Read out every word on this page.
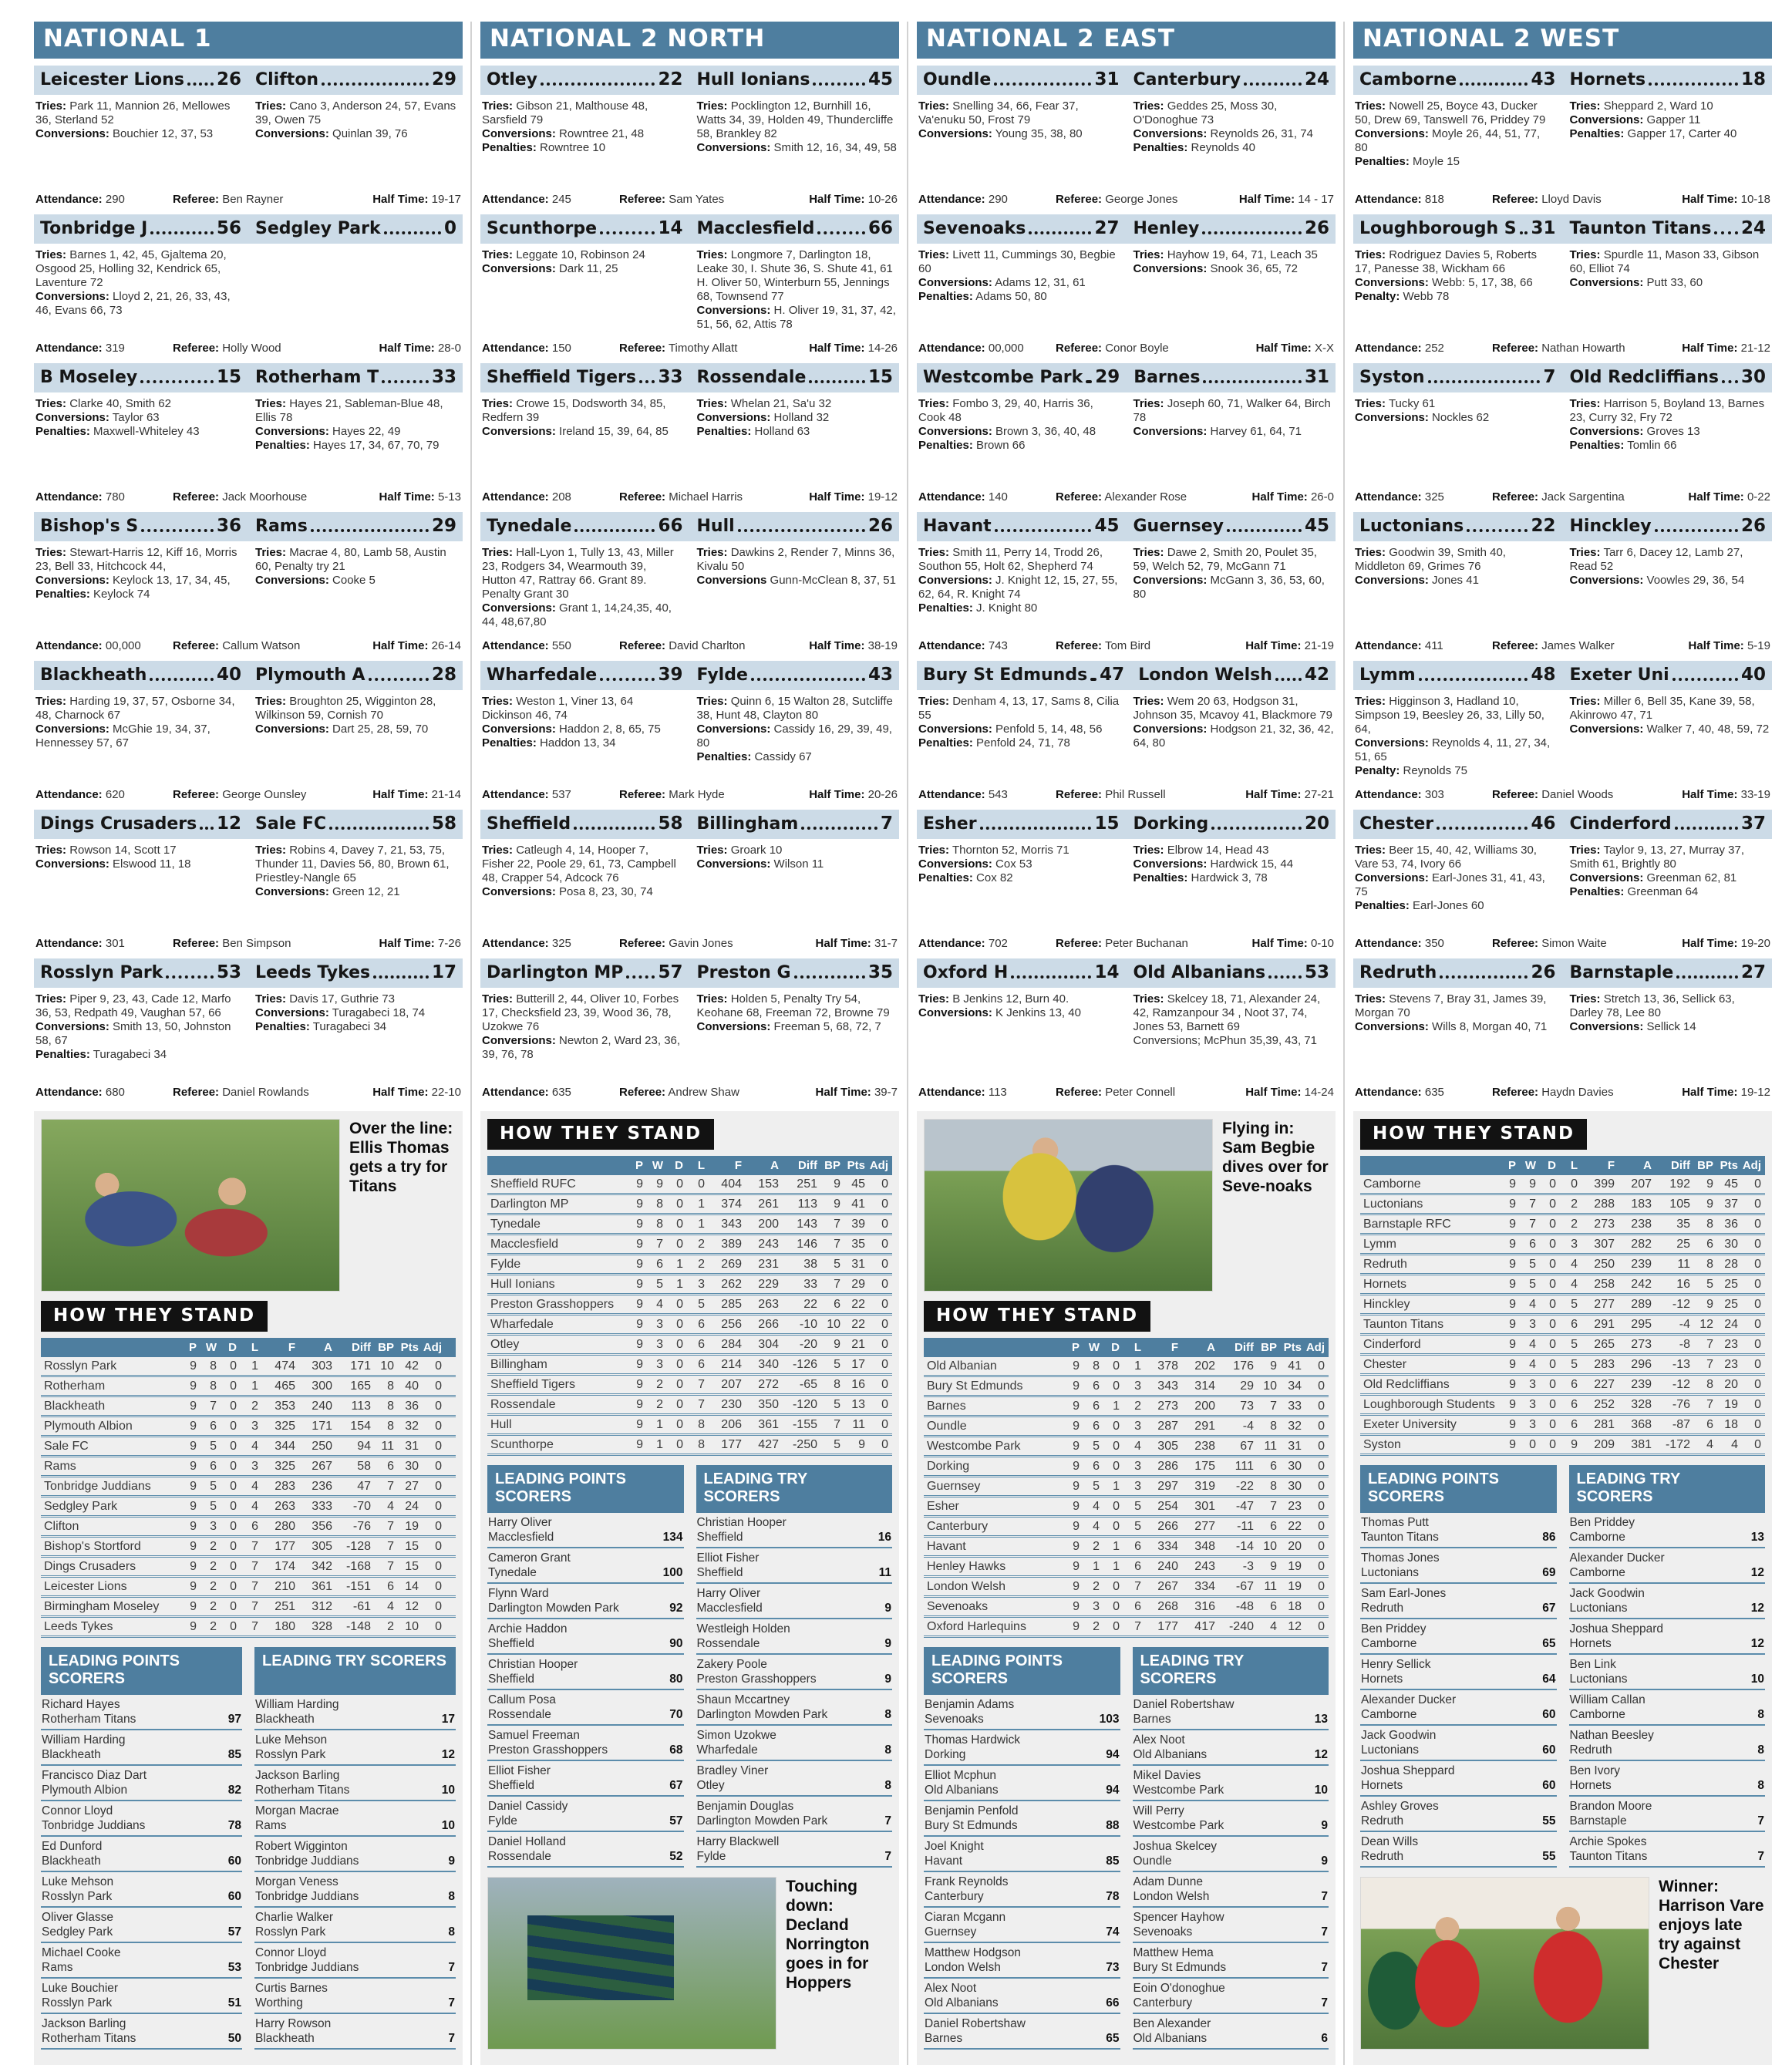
NATIONAL 1
Leicester Lions 26 Clifton	29

Tries: Park 11, Mannion 26, Mellowes 36, Sterland 52

Conversions: Bouchier 12, 37, 53

Tries: Cano 3, Anderson 24, 57, Evans 39, Owen 75

Conversions: Quinlan 39, 76

Attendance: 290	Referee: Ben Rayner	Half Time: 19-17
Tonbridge J	56 Sedgley Park	0

Tries: Barnes 1, 42, 45, Gjaltema 20, Osgood 25, Holling 32, Kendrick 65, Laventure 72

Conversions: Lloyd 2, 21, 26, 33, 43, 46, Evans 66, 73

Attendance: 319	Referee: Holly Wood	Half Time: 28-0
B Moseley	15 Rotherham T	33

Tries: Clarke 40, Smith 62

Conversions: Taylor 63

Penalties: Maxwell-Whiteley 43

Tries: Hayes 21, Sableman-Blue 48, Ellis 78

Conversions: Hayes 22, 49

Penalties: Hayes 17, 34, 67, 70, 79

Attendance: 780	Referee: Jack Moorhouse	Half Time: 5-13
Bishop's S	36 Rams	29

Tries: Stewart-Harris 12, Kiff 16, Morris 23, Bell 33, Hitchcock 44,

Conversions: Keylock 13, 17, 34, 45,

Penalties: Keylock 74

Tries: Macrae 4, 80, Lamb 58, Austin 60, Penalty try 21

Conversions: Cooke 5

Attendance: 00,000	Referee: Callum Watson	Half Time: 26-14
Blackheath	40 Plymouth A	28

Tries: Harding 19, 37, 57, Osborne 34, 48, Charnock 67

Conversions: McGhie 19, 34, 37, Hennessey 57, 67

Tries: Broughton 25, Wigginton 28, Wilkinson 59, Cornish 70

Conversions: Dart 25, 28, 59, 70

Attendance: 620	Referee: George Ounsley	Half Time: 21-14
Dings Crusaders 12 Sale FC	58

Tries: Rowson 14, Scott 17

Conversions: Elswood 11, 18

Tries: Robins 4, Davey 7, 21, 53, 75, Thunder 11, Davies 56, 80, Brown 61, Priestley-Nangle 65

Conversions: Green 12, 21

Attendance: 301	Referee: Ben Simpson	Half Time: 7-26
Rosslyn Park	53 Leeds Tykes	17

Tries: Piper 9, 23, 43, Cade 12, Marfo 36, 53, Redpath 49, Vaughan 57, 66

Conversions: Smith 13, 50, Johnston 58, 67

Penalties: Turagabeci 34

Tries: Davis 17, Guthrie 73

Conversions: Turagabeci 18, 74

Penalties: Turagabeci 34

Attendance: 680	Referee: Daniel Rowlands	Half Time: 22-10
Over the line: Ellis Thomas gets a try for Titans
HOW THEY STAND
P W	D	L	F	A	Diff BP Pts Adj
Rosslyn Park	9	8	0	1	474	303	171 10 42	0
Rotherham	9	8	0	1	465	300	165	8 40	0
Blackheath	9	7	0	2	353	240	113	8 36	0
Plymouth Albion	9	6	0	3	325	171	154	8 32	0
Sale FC	9	5	0	4	344	250	94 11 31	0
Rams	9	6	0	3	325	267	58	6 30	0
Tonbridge Juddians	9	5	0	4	283	236	47	7 27	0
Sedgley Park	9	5	0	4	263	333	-70	4 24	0
Clifton	9	3	0	6	280	356	-76	7 19	0
Bishop's Stortford	9	2	0	7	177	305	-128	7 15	0
Dings Crusaders	9	2	0	7	174	342	-168	7 15	0
Leicester Lions	9	2	0	7	210	361	-151	6 14	0
Birmingham Moseley	9	2	0	7	251	312	-61	4 12	0
Leeds Tykes	9	2	0	7	180	328	-148	2 10	0
LEADING POINTS SCORERS
Richard Hayes
Rotherham Titans	97
William Harding
Blackheath	85
Francisco Diaz Dart
Plymouth Albion	82
Connor Lloyd
Tonbridge Juddians	78
Ed Dunford
Blackheath	60
Luke Mehson
Rosslyn Park	60
Oliver Glasse
Sedgley Park	57
Michael Cooke
Rams	53
Luke Bouchier
Rosslyn Park	51
Jackson Barling
Rotherham Titans	50
LEADING TRY SCORERS
William Harding
Blackheath	17
Luke Mehson
Rosslyn Park	12
Jackson Barling
Rotherham Titans	10
Morgan Macrae
Rams	10
Robert Wigginton
Tonbridge Juddians	9
Morgan Veness
Tonbridge Juddians	8
Charlie Walker
Rosslyn Park	8
Connor Lloyd
Tonbridge Juddians	7
Curtis Barnes
Worthing	7
Harry Rowson
Blackheath	7
NATIONAL 2 NORTH
Otley	22 Hull Ionians	45

Tries: Gibson 21, Malthouse 48, Sarsfield 79

Conversions: Rowntree 21, 48

Penalties: Rowntree 10

Tries: Pocklington 12, Burnhill 16, Watts 34, 39, Holden 49, Thundercliffe 58, Brankley 82

Conversions: Smith 12, 16, 34, 49, 58

Attendance: 245	Referee: Sam Yates	Half Time: 10-26
Scunthorpe	14 Macclesfield	66

Tries: Leggate 10, Robinson 24

Conversions: Dark 11, 25

Tries: Longmore 7, Darlington 18, Leake 30, I. Shute 36, S. Shute 41, 61 H. Oliver 50, Winterburn 55, Jennings 68, Townsend 77

Conversions: H. Oliver 19, 31, 37, 42, 51, 56, 62, Attis 78

Attendance: 150	Referee: Timothy Allatt	Half Time: 14-26
Sheffield Tigers 33 Rossendale	15

Tries: Crowe 15, Dodsworth 34, 85, Redfern 39

Conversions: Ireland 15, 39, 64, 85

Tries: Whelan 21, Sa'u 32

Conversions: Holland 32

Penalties: Holland 63

Attendance: 208	Referee: Michael Harris	Half Time: 19-12
Tynedale	66 Hull	26

Tries: Hall-Lyon 1, Tully 13, 43, Miller 23, Rodgers 34, Wearmouth 39, Hutton 47, Rattray 66. Grant 89. Penalty Grant 30

Conversions: Grant 1, 14,24,35, 40, 44, 48,67,80

Tries: Dawkins 2, Render 7, Minns 36, Kivalu 50

Conversions Gunn-McClean 8, 37, 51

Attendance: 550	Referee: David Charlton	Half Time: 38-19
Wharfedale	39 Fylde	43

Tries: Weston 1, Viner 13, 64 Dickinson 46, 74

Conversions: Haddon 2, 8, 65, 75

Penalties: Haddon 13, 34

Tries: Quinn 6, 15 Walton 28, Sutcliffe 38, Hunt 48, Clayton 80

Conversions: Cassidy 16, 29, 39, 49, 80

Penalties: Cassidy 67

Attendance: 537	Referee: Mark Hyde	Half Time: 20-26
Sheffield	58 Billingham	7

Tries: Catleugh 4, 14, Hooper 7, Fisher 22, Poole 29, 61, 73, Campbell 48, Crapper 54, Adcock 76

Conversions: Posa 8, 23, 30, 74

Tries: Groark 10

Conversions: Wilson 11

Attendance: 325	Referee: Gavin Jones	Half Time: 31-7
Darlington MP 57 Preston G	35

Tries: Butterill 2, 44, Oliver 10, Forbes 17, Checksfield 23, 39, Wood 36, 78, Uzokwe 76

Conversions: Newton 2, Ward 23, 36, 39, 76, 78

Tries: Holden 5, Penalty Try 54, Keohane 68, Freeman 72, Browne 79

Conversions: Freeman 5, 68, 72, 7

Attendance: 635	Referee: Andrew Shaw	Half Time: 39-7
HOW THEY STAND
P W	D	L	F	A	Diff BP Pts Adj
Sheffield RUFC	9	9	0	0	404	153	251	9 45	0
Darlington MP	9	8	0	1	374	261	113	9 41	0
Tynedale	9	8	0	1	343	200	143	7 39	0
Macclesfield	9	7	0	2	389	243	146	7 35	0
Fylde	9	6	1	2	269	231	38	5 31	0
Hull Ionians	9	5	1	3	262	229	33	7 29	0
Preston Grasshoppers	9	4	0	5	285	263	22	6 22	0
Wharfedale	9	3	0	6	256	266	-10 10 22	0
Otley	9	3	0	6	284	304	-20	9 21	0
Billingham	9	3	0	6	214	340	-126	5 17	0
Sheffield Tigers	9	2	0	7	207	272	-65	8 16	0
Rossendale	9	2	0	7	230	350	-120	5 13	0
Hull	9	1	0	8	206	361	-155	7 11	0
Scunthorpe	9	1	0	8	177	427	-250	5	9	0
LEADING POINTS SCORERS
Harry Oliver
Macclesfield	134
Cameron Grant
Tynedale	100
Flynn Ward
Darlington Mowden Park	92
Archie Haddon
Sheffield	90
Christian Hooper
Sheffield	80
Callum Posa
Rossendale	70
Samuel Freeman
Preston Grasshoppers	68
Elliot Fisher
Sheffield	67
Daniel Cassidy
Fylde	57
Daniel Holland
Rossendale	52
LEADING TRY SCORERS
Christian Hooper
Sheffield	16
Elliot Fisher
Sheffield	11
Harry Oliver
Macclesfield	9
Westleigh Holden
Rossendale	9
Zakery Poole
Preston Grasshoppers	9
Shaun Mccartney
Darlington Mowden Park	8
Simon Uzokwe
Wharfedale	8
Bradley Viner
Otley	8
Benjamin Douglas
Darlington Mowden Park	7
Harry Blackwell
Fylde	7
Touching down: Decland Norrington goes in for Hoppers
NATIONAL 2 EAST
Oundle	31 Canterbury	24

Tries: Snelling 34, 66, Fear 37, Va'enuku 50, Frost 79

Conversions: Young 35, 38, 80

Tries: Geddes 25, Moss 30, O'Donoghue 73

Conversions: Reynolds 26, 31, 74

Penalties: Reynolds 40

Attendance: 290	Referee: George Jones	Half Time: 14 - 17
Sevenoaks	27 Henley	26

Tries: Livett 11, Cummings 30, Begbie 60

Conversions: Adams 12, 31, 61

Penalties: Adams 50, 80

Tries: Hayhow 19, 64, 71, Leach 35

Conversions: Snook 36, 65, 72

Attendance: 00,000	Referee: Conor Boyle	Half Time: X-X
Westcombe Park 29 Barnes	31

Tries: Fombo 3, 29, 40, Harris 36, Cook 48

Conversions: Brown 3, 36, 40, 48

Penalties: Brown 66

Tries: Joseph 60, 71, Walker 64, Birch 78

Conversions: Harvey 61, 64, 71

Attendance: 140	Referee: Alexander Rose	Half Time: 26-0
Havant	45 Guernsey	45

Tries: Smith 11, Perry 14, Trodd 26, Southon 55, Holt 62, Shepherd 74

Conversions: J. Knight 12, 15, 27, 55, 62, 64, R. Knight 74

Penalties: J. Knight 80

Tries: Dawe 2, Smith 20, Poulet 35, 59, Welch 52, 79, McGann 71

Conversions: McGann 3, 36, 53, 60, 80

Attendance: 743	Referee: Tom Bird	Half Time: 21-19
Bury St Edmunds 47 London Welsh 42

Tries: Denham 4, 13, 17, Sams 8, Cilia 55

Conversions: Penfold 5, 14, 48, 56

Penalties: Penfold 24, 71, 78

Tries: Wem 20 63, Hodgson 31, Johnson 35, Mcavoy 41, Blackmore 79

Conversions: Hodgson 21, 32, 36, 42, 64, 80

Attendance: 543	Referee: Phil Russell	Half Time: 27-21
Esher	15 Dorking	20

Tries: Thornton 52, Morris 71

Conversions: Cox 53

Penalties: Cox 82

Tries: Elbrow 14, Head 43

Conversions: Hardwick 15, 44

Penalties: Hardwick 3, 78

Attendance: 702	Referee: Peter Buchanan	Half Time: 0-10
Oxford H	14 Old Albanians 53

Tries: B Jenkins 12, Burn 40.

Conversions: K Jenkins 13, 40

Tries: Skelcey 18, 71, Alexander 24, 42, Ramzanpour 34 , Noot 37, 74, Jones 53, Barnett 69

Conversions; McPhun 35,39, 43, 71

Attendance: 113	Referee: Peter Connell	Half Time: 14-24
Flying in: Sam Begbie dives over for Seve-noaks
HOW THEY STAND
P W	D	L	F	A	Diff BP Pts Adj
Old Albanian	9	8	0	1	378	202	176	9 41	0
Bury St Edmunds	9	6	0	3	343	314	29 10 34	0
Barnes	9	6	1	2	273	200	73	7 33	0
Oundle	9	6	0	3	287	291	-4	8 32	0
Westcombe Park	9	5	0	4	305	238	67 11 31	0
Dorking	9	6	0	3	286	175	111	6 30	0
Guernsey	9	5	1	3	297	319	-22	8 30	0
Esher	9	4	0	5	254	301	-47	7 23	0
Canterbury	9	4	0	5	266	277	-11	6 22	0
Havant	9	2	1	6	334	348	-14 10 20	0
Henley Hawks	9	1	1	6	240	243	-3	9 19	0
London Welsh	9	2	0	7	267	334	-67 11 19	0
Sevenoaks	9	3	0	6	268	316	-48	6 18	0
Oxford Harlequins	9	2	0	7	177	417	-240	4 12	0
LEADING POINTS SCORERS
Benjamin Adams
Sevenoaks	103
Thomas Hardwick
Dorking	94
Elliot Mcphun
Old Albanians	94
Benjamin Penfold
Bury St Edmunds	88
Joel Knight
Havant	85
Frank Reynolds
Canterbury	78
Ciaran Mcgann
Guernsey	74
Matthew Hodgson
London Welsh	73
Alex Noot
Old Albanians	66
Daniel Robertshaw
Barnes	65
LEADING TRY SCORERS
Daniel Robertshaw
Barnes	13
Alex Noot
Old Albanians	12
Mikel Davies
Westcombe Park	10
Will Perry
Westcombe Park	9
Joshua Skelcey
Oundle	9
Adam Dunne
London Welsh	7
Spencer Hayhow
Sevenoaks	7
Matthew Hema
Bury St Edmunds	7
Eoin O'donoghue
Canterbury	7
Ben Alexander
Old Albanians	6
NATIONAL 2 WEST
Camborne	43 Hornets	18

Tries: Nowell 25, Boyce 43, Ducker 50, Drew 69, Tanswell 76, Priddey 79

Conversions: Moyle 26, 44, 51, 77, 80

Penalties: Moyle 15

Tries: Sheppard 2, Ward 10

Conversions: Gapper 11

Penalties: Gapper 17, Carter 40

Attendance: 818	Referee: Lloyd Davis	Half Time: 10-18
Loughborough S 31 Taunton Titans 24

Tries: Rodriguez Davies 5, Roberts 17, Panesse 38, Wickham 66

Conversions: Webb: 5, 17, 38, 66

Penalty: Webb 78

Tries: Spurdle 11, Mason 33, Gibson 60, Elliot 74

Conversions: Putt 33, 60

Attendance: 252	Referee: Nathan Howarth	Half Time: 21-12
Syston	7 Old Redcliffians 30

Tries: Tucky 61

Conversions: Nockles 62

Tries: Harrison 5, Boyland 13, Barnes 23, Curry 32, Fry 72

Conversions: Groves 13

Penalties: Tomlin 66

Attendance: 325	Referee: Jack Sargentina	Half Time: 0-22
Luctonians	22 Hinckley	26

Tries: Goodwin 39, Smith 40, Middleton 69, Grimes 76

Conversions: Jones 41

Tries: Tarr 6, Dacey 12, Lamb 27, Read 52

Conversions: Voowles 29, 36, 54

Attendance: 411	Referee: James Walker	Half Time: 5-19
Lymm	48 Exeter Uni	40

Tries: Higginson 3, Hadland 10, Simpson 19, Beesley 26, 33, Lilly 50, 64,

Conversions: Reynolds 4, 11, 27, 34, 51, 65

Penalty: Reynolds 75

Tries: Miller 6, Bell 35, Kane 39, 58, Akinrowo 47, 71

Conversions: Walker 7, 40, 48, 59, 72

Attendance: 303	Referee: Daniel Woods	Half Time: 33-19
Chester	46 Cinderford	37

Tries: Beer 15, 40, 42, Williams 30, Vare 53, 74, Ivory 66

Conversions: Earl-Jones 31, 41, 43, 75

Penalties: Earl-Jones 60

Tries: Taylor 9, 13, 27, Murray 37, Smith 61, Brightly 80

Conversions: Greenman 62, 81

Penalties: Greenman 64

Attendance: 350	Referee: Simon Waite	Half Time: 19-20
Redruth	26 Barnstaple	27

Tries: Stevens 7, Bray 31, James 39, Morgan 70

Conversions: Wills 8, Morgan 40, 71

Tries: Stretch 13, 36, Sellick 63, Darley 78, Lee 80

Conversions: Sellick 14

Attendance: 635	Referee: Haydn Davies	Half Time: 19-12
HOW THEY STAND
P W	D	L	F	A	Diff BP Pts Adj
Camborne	9	9	0	0	399	207	192	9 45	0
Luctonians	9	7	0	2	288	183	105	9 37	0
Barnstaple RFC	9	7	0	2	273	238	35	8 36	0
Lymm	9	6	0	3	307	282	25	6 30	0
Redruth	9	5	0	4	250	239	11	8 28	0
Hornets	9	5	0	4	258	242	16	5 25	0
Hinckley	9	4	0	5	277	289	-12	9 25	0
Taunton Titans	9	3	0	6	291	295	-4 12 24	0
Cinderford	9	4	0	5	265	273	-8	7 23	0
Chester	9	4	0	5	283	296	-13	7 23	0
Old Redcliffians	9	3	0	6	227	239	-12	8 20	0
Loughborough Students	9	3	0	6	252	328	-76	7 19	0
Exeter University	9	3	0	6	281	368	-87	6 18	0
Syston	9	0	0	9	209	381	-172	4	4	0
LEADING POINTS SCORERS
Thomas Putt
Taunton Titans	86
Thomas Jones
Luctonians	69
Sam Earl-Jones
Redruth	67
Ben Priddey
Camborne	65
Henry Sellick
Hornets	64
Alexander Ducker
Camborne	60
Jack Goodwin
Luctonians	60
Joshua Sheppard
Hornets	60
Ashley Groves
Redruth	55
Dean Wills
Redruth	55
LEADING TRY SCORERS
Ben Priddey
Camborne	13
Alexander Ducker
Camborne	12
Jack Goodwin
Luctonians	12
Joshua Sheppard
Hornets	12
Ben Link
Luctonians	10
William Callan
Camborne	8
Nathan Beesley
Redruth	8
Ben Ivory
Hornets	8
Brandon Moore
Barnstaple	7
Archie Spokes
Taunton Titans	7
Winner: Harrison Vare enjoys late try against Chester
